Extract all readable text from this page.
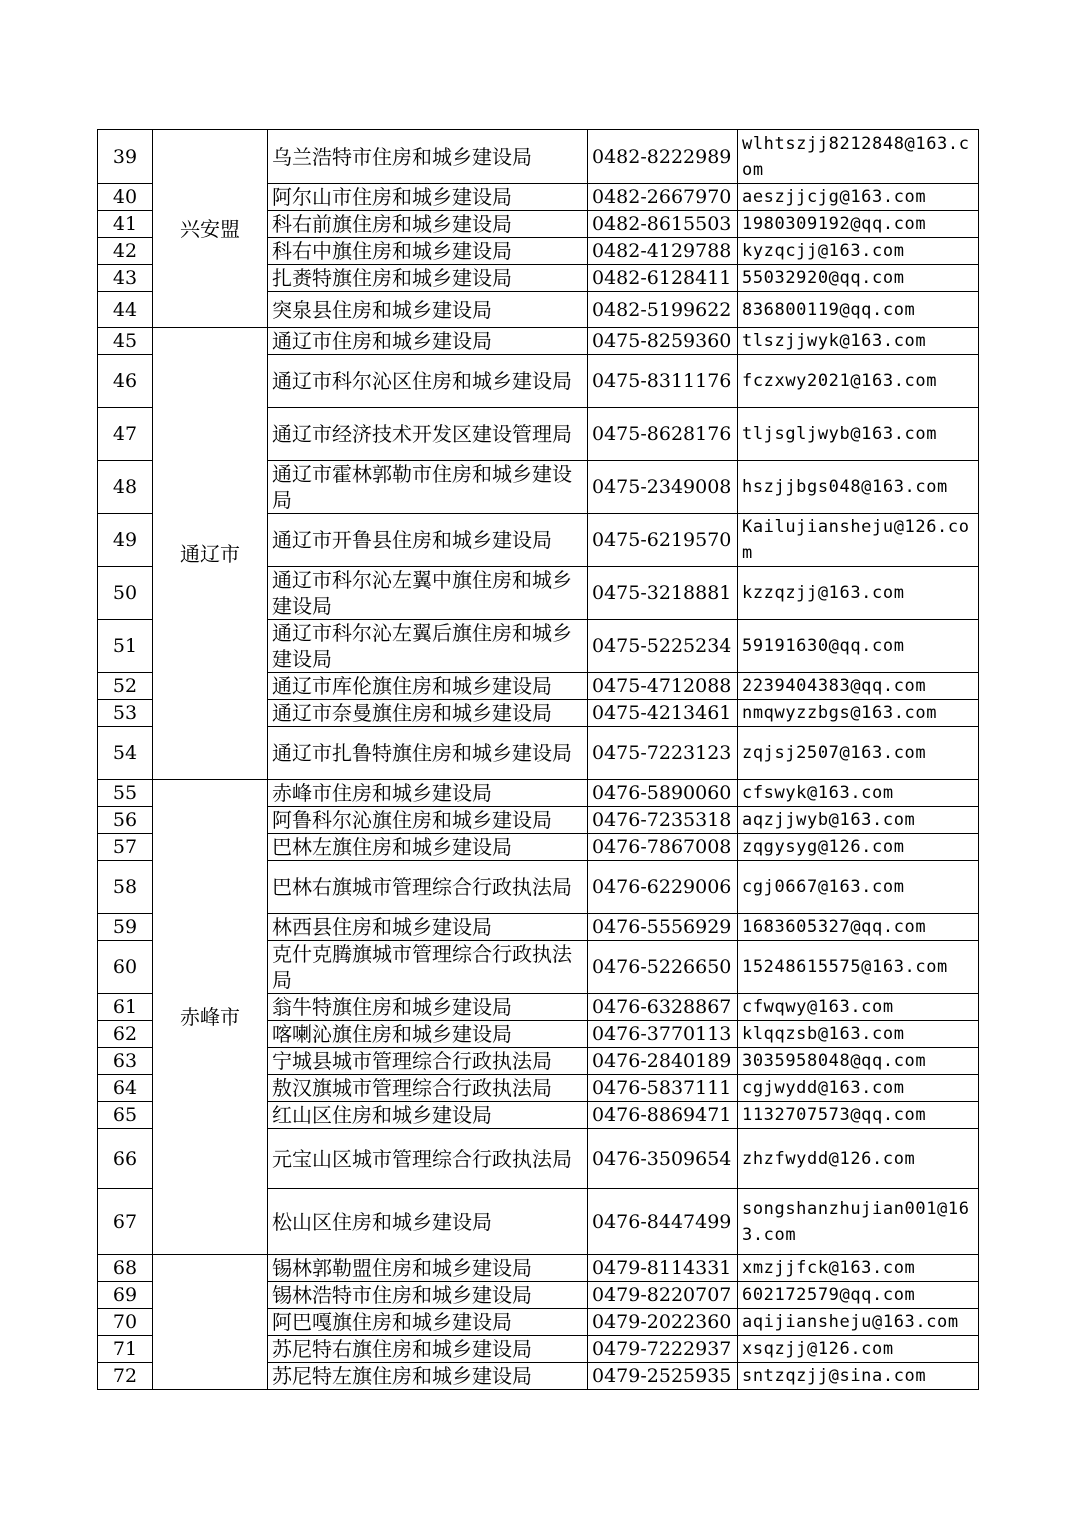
39	兴安盟	乌兰浩特市住房和城乡建设局	0482-8222989	wlhtszjj8212848@163.com
40		阿尔山市住房和城乡建设局	0482-2667970	aeszjjcjg@163.com
41		科右前旗住房和城乡建设局	0482-8615503	1980309192@qq.com
42		科右中旗住房和城乡建设局	0482-4129788	kyzqcjj@163.com
43		扎赉特旗住房和城乡建设局	0482-6128411	55032920@qq.com
44		突泉县住房和城乡建设局	0482-5199622	836800119@qq.com
45	通辽市	通辽市住房和城乡建设局	0475-8259360	tlszjjwyk@163.com
46		通辽市科尔沁区住房和城乡建设局	0475-8311176	fczxwy2021@163.com
47		通辽市经济技术开发区建设管理局	0475-8628176	tljsgljwyb@163.com
48		通辽市霍林郭勒市住房和城乡建设局	0475-2349008	hszjjbgs048@163.com
49		通辽市开鲁县住房和城乡建设局	0475-6219570	Kailujiansheju@126.com
50		通辽市科尔沁左翼中旗住房和城乡建设局	0475-3218881	kzzqzjj@163.com
51		通辽市科尔沁左翼后旗住房和城乡建设局	0475-5225234	59191630@qq.com
52		通辽市库伦旗住房和城乡建设局	0475-4712088	2239404383@qq.com
53		通辽市奈曼旗住房和城乡建设局	0475-4213461	nmqwyzzbgs@163.com
54		通辽市扎鲁特旗住房和城乡建设局	0475-7223123	zqjsj2507@163.com
55	赤峰市	赤峰市住房和城乡建设局	0476-5890060	cfswyk@163.com
56		阿鲁科尔沁旗住房和城乡建设局	0476-7235318	aqzjjwyb@163.com
57		巴林左旗住房和城乡建设局	0476-7867008	zqgysyg@126.com
58		巴林右旗城市管理综合行政执法局	0476-6229006	cgj0667@163.com
59		林西县住房和城乡建设局	0476-5556929	1683605327@qq.com
60		克什克腾旗城市管理综合行政执法局	0476-5226650	15248615575@163.com
61		翁牛特旗住房和城乡建设局	0476-6328867	cfwqwy@163.com
62		喀喇沁旗住房和城乡建设局	0476-3770113	klqqzsb@163.com
63		宁城县城市管理综合行政执法局	0476-2840189	3035958048@qq.com
64		敖汉旗城市管理综合行政执法局	0476-5837111	cgjwydd@163.com
65		红山区住房和城乡建设局	0476-8869471	1132707573@qq.com
66		元宝山区城市管理综合行政执法局	0476-3509654	zhzfwydd@126.com
67		松山区住房和城乡建设局	0476-8447499	songshanzhujian001@163.com
68		锡林郭勒盟住房和城乡建设局	0479-8114331	xmzjjfck@163.com
69		锡林浩特市住房和城乡建设局	0479-8220707	602172579@qq.com
70		阿巴嘎旗住房和城乡建设局	0479-2022360	aqijiansheju@163.com
71		苏尼特右旗住房和城乡建设局	0479-7222937	xsqzjj@126.com
72		苏尼特左旗住房和城乡建设局	0479-2525935	sntzqzjj@sina.com
